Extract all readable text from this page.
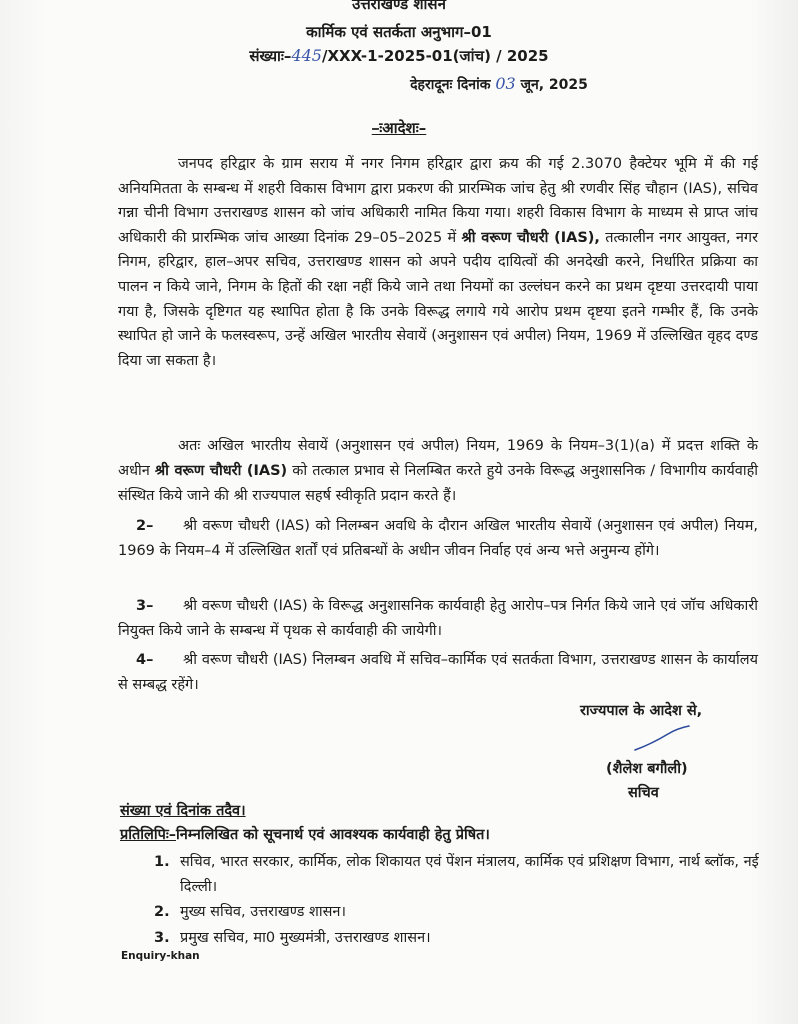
उत्तराखण्ड शासन
कार्मिक एवं सतर्कता अनुभाग–01
संख्याः–445/XXX-1-2025-01(जांच) / 2025
देहरादूनः दिनांक 03 जून, 2025
–ःआदेशः–
जनपद हरिद्वार के ग्राम सराय में नगर निगम हरिद्वार द्वारा क्रय की गई 2.3070 हैक्टेयर भूमि में की गई अनियमितता के सम्बन्ध में शहरी विकास विभाग द्वारा प्रकरण की प्रारम्भिक जांच हेतु श्री रणवीर सिंह चौहान (IAS), सचिव गन्ना चीनी विभाग उत्तराखण्ड शासन को जांच अधिकारी नामित किया गया। शहरी विकास विभाग के माध्यम से प्राप्त जांच अधिकारी की प्रारम्भिक जांच आख्या दिनांक 29–05–2025 में श्री वरूण चौधरी (IAS), तत्कालीन नगर आयुक्त, नगर निगम, हरिद्वार, हाल–अपर सचिव, उत्तराखण्ड शासन को अपने पदीय दायित्वों की अनदेखी करने, निर्धारित प्रक्रिया का पालन न किये जाने, निगम के हितों की रक्षा नहीं किये जाने तथा नियमों का उल्लंघन करने का प्रथम दृष्टया उत्तरदायी पाया गया है, जिसके दृष्टिगत यह स्थापित होता है कि उनके विरूद्ध लगाये गये आरोप प्रथम दृष्टया इतने गम्भीर हैं, कि उनके स्थापित हो जाने के फलस्वरूप, उन्हें अखिल भारतीय सेवायें (अनुशासन एवं अपील) नियम, 1969 में उल्लिखित वृहद दण्ड दिया जा सकता है।
अतः अखिल भारतीय सेवायें (अनुशासन एवं अपील) नियम, 1969 के नियम–3(1)(a) में प्रदत्त शक्ति के अधीन श्री वरूण चौधरी (IAS) को तत्काल प्रभाव से निलम्बित करते हुये उनके विरूद्ध अनुशासनिक / विभागीय कार्यवाही संस्थित किये जाने की श्री राज्यपाल सहर्ष स्वीकृति प्रदान करते हैं।
2–	श्री वरूण चौधरी (IAS) को निलम्बन अवधि के दौरान अखिल भारतीय सेवायें (अनुशासन एवं अपील) नियम, 1969 के नियम–4 में उल्लिखित शर्तों एवं प्रतिबन्धों के अधीन जीवन निर्वाह एवं अन्य भत्ते अनुमन्य होंगे।
3–	श्री वरूण चौधरी (IAS) के विरूद्ध अनुशासनिक कार्यवाही हेतु आरोप–पत्र निर्गत किये जाने एवं जॉच अधिकारी नियुक्त किये जाने के सम्बन्ध में पृथक से कार्यवाही की जायेगी।
4–	श्री वरूण चौधरी (IAS) निलम्बन अवधि में सचिव–कार्मिक एवं सतर्कता विभाग, उत्तराखण्ड शासन के कार्यालय से सम्बद्ध रहेंगे।
राज्यपाल के आदेश से,
(शैलेश बगौली)
सचिव
संख्या एवं दिनांक तदैव।
प्रतिलिपिः–निम्नलिखित को सूचनार्थ एवं आवश्यक कार्यवाही हेतु प्रेषित।
1. सचिव, भारत सरकार, कार्मिक, लोक शिकायत एवं पेंशन मंत्रालय, कार्मिक एवं प्रशिक्षण विभाग, नार्थ ब्लॉक, नई दिल्ली।
2. मुख्य सचिव, उत्तराखण्ड शासन।
3. प्रमुख सचिव, मा0 मुख्यमंत्री, उत्तराखण्ड शासन।
Enquiry-khan
